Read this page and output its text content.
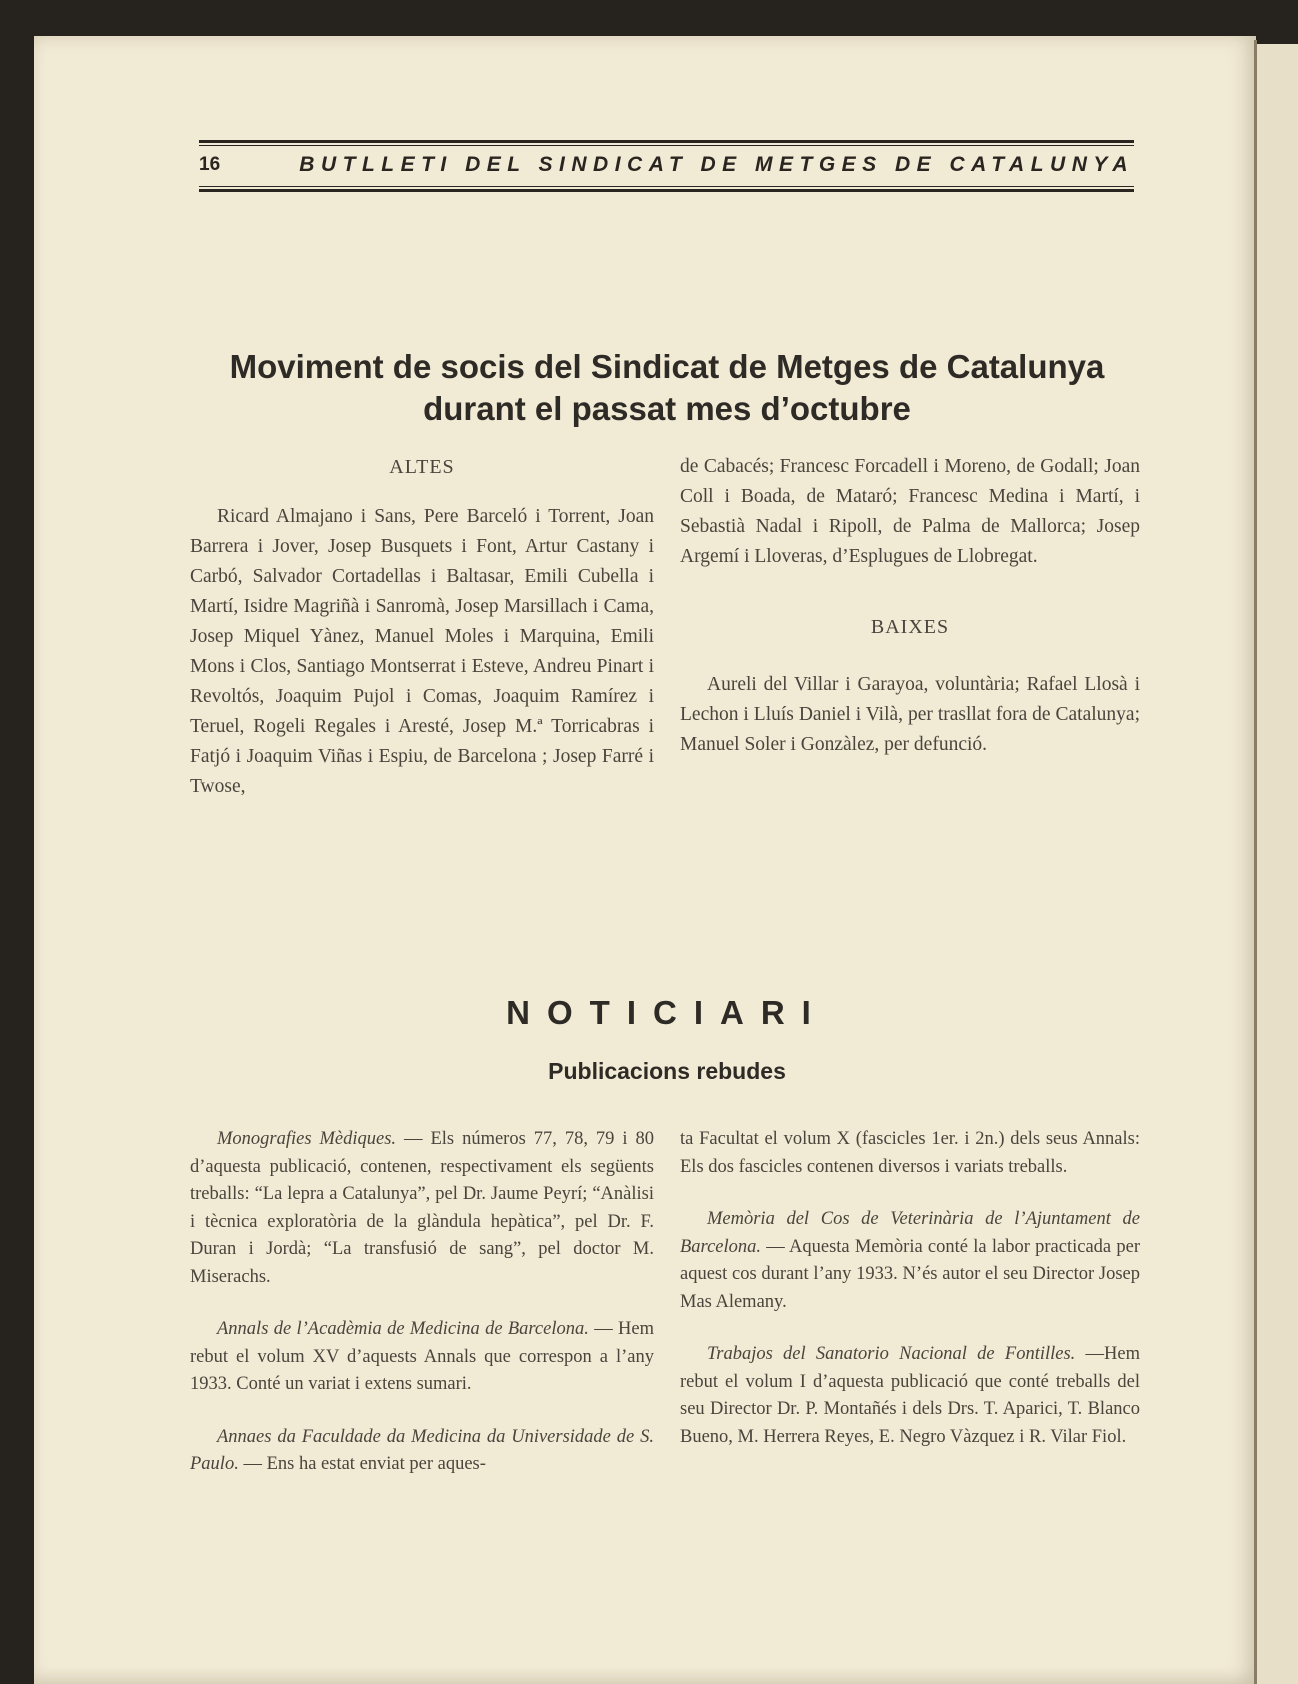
16	BUTLLETI DEL SINDICAT DE METGES DE CATALUNYA
Moviment de socis del Sindicat de Metges de Catalunya
durant el passat mes d’octubre
ALTES

Ricard Almajano i Sans, Pere Barceló i Torrent, Joan Barrera i Jover, Josep Busquets i Font, Artur Castany i Carbó, Salvador Cortadellas i Baltasar, Emili Cubella i Martí, Isidre Magriñà i Sanromà, Josep Marsillach i Cama, Josep Miquel Yànez, Manuel Moles i Marquina, Emili Mons i Clos, Santiago Montserrat i Esteve, Andreu Pinart i Revoltós, Joaquim Pujol i Comas, Joaquim Ramírez i Teruel, Rogeli Regales i Aresté, Josep M.ª Torricabras i Fatjó i Joaquim Viñas i Espiu, de Barcelona ; Josep Farré i Twose,

de Cabacés; Francesc Forcadell i Moreno, de Godall; Joan Coll i Boada, de Mataró; Francesc Medina i Martí, i Sebastià Nadal i Ripoll, de Palma de Mallorca; Josep Argemí i Lloveras, d’Esplugues de Llobregat.

BAIXES

Aureli del Villar i Garayoa, voluntària; Rafael Llosà i Lechon i Lluís Daniel i Vilà, per trasllat fora de Catalunya; Manuel Soler i Gonzàlez, per defunció.

NOTICIARI
Publicacions rebudes

Monografies Mèdiques. — Els números 77, 78, 79 i 80 d’aquesta publicació, contenen, respectivament els següents treballs: “La lepra a Catalunya”, pel Dr. Jaume Peyrí; “Anàlisi i tècnica exploratòria de la glàndula hepàtica”, pel Dr. F. Duran i Jordà; “La transfusió de sang”, pel doctor M. Miserachs.

Annals de l’Acadèmia de Medicina de Barcelona. — Hem rebut el volum XV d’aquests Annals que correspon a l’any 1933. Conté un variat i extens sumari.

Annaes da Faculdade da Medicina da Universidade de S. Paulo. — Ens ha estat enviat per aques-

ta Facultat el volum X (fascicles 1er. i 2n.) dels seus Annals: Els dos fascicles contenen diversos i variats treballs.

Memòria del Cos de Veterinària de l’Ajuntament de Barcelona. — Aquesta Memòria conté la labor practicada per aquest cos durant l’any 1933. N’és autor el seu Director Josep Mas Alemany.

Trabajos del Sanatorio Nacional de Fontilles. —Hem rebut el volum I d’aquesta publicació que conté treballs del seu Director Dr. P. Montañés i dels Drs. T. Aparici, T. Blanco Bueno, M. Herrera Reyes, E. Negro Vàzquez i R. Vilar Fiol.
